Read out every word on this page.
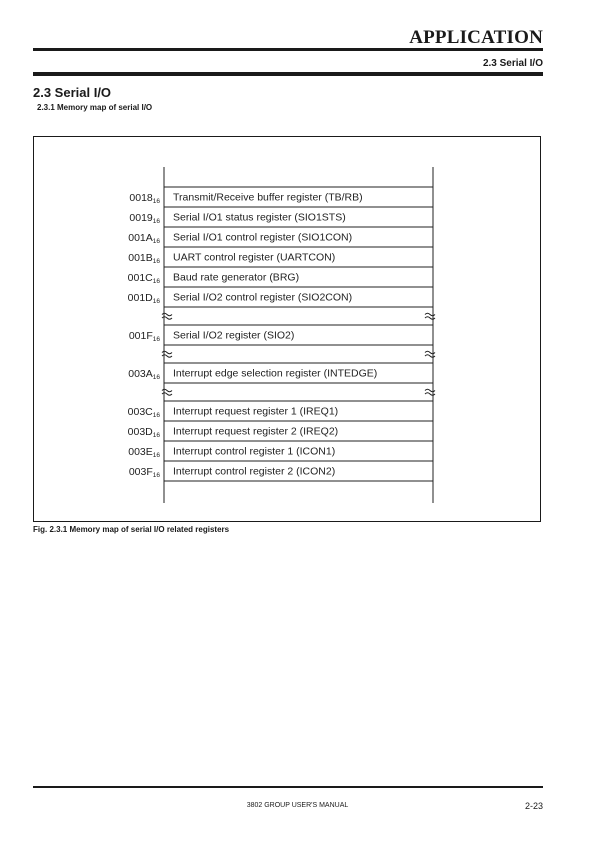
APPLICATION
2.3 Serial I/O
2.3 Serial I/O
2.3.1 Memory map of serial I/O
001816 Transmit/Receive buffer register (TB/RB)
001916 Serial I/O1 status register (SIO1STS)
001A16 Serial I/O1 control register (SIO1CON)
001B16 UART control register (UARTCON)
001C16 Baud rate generator (BRG)
001D16 Serial I/O2 control register (SIO2CON)
001F16 Serial I/O2 register (SIO2)
003A16 Interrupt edge selection register (INTEDGE)
003C16 Interrupt request register 1 (IREQ1)
003D16 Interrupt request register 2 (IREQ2)
003E16 Interrupt control register 1 (ICON1)
003F16 Interrupt control register 2 (ICON2)
Fig. 2.3.1 Memory map of serial I/O related registers
3802 GROUP USER'S MANUAL	2-23
